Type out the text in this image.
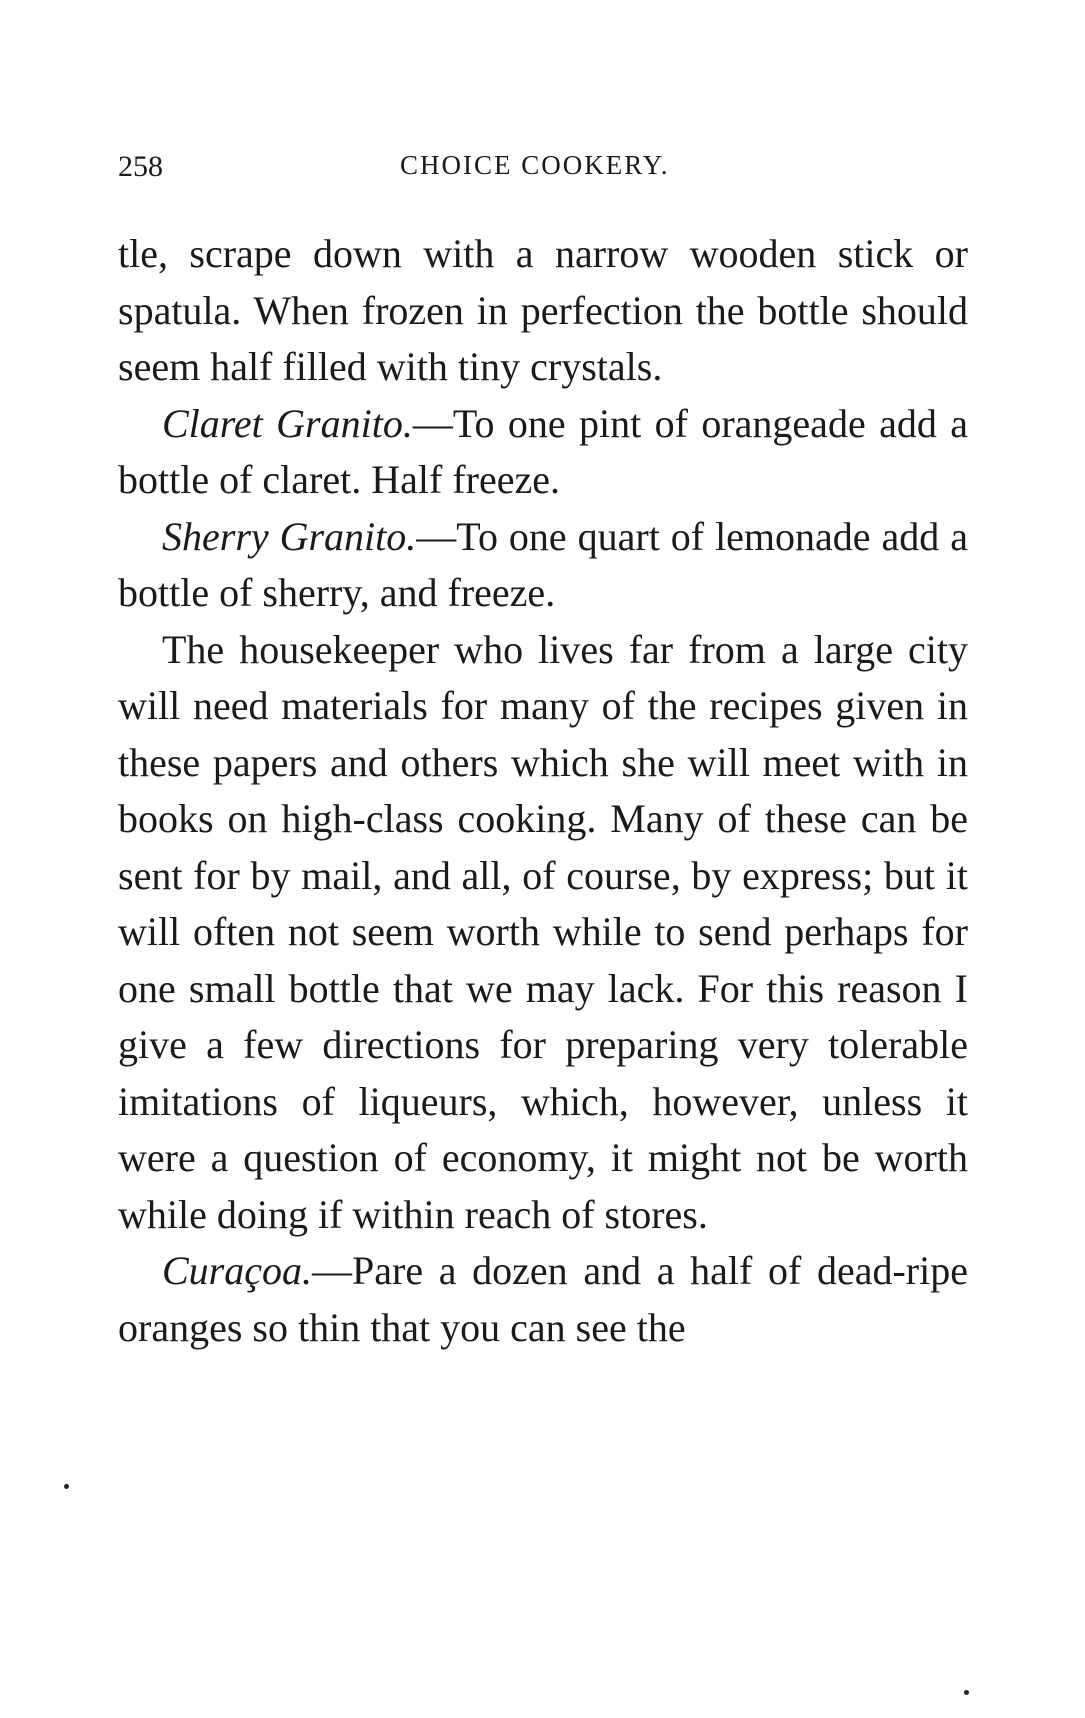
258	CHOICE COOKERY.

tle, scrape down with a narrow wooden stick or spatula. When frozen in perfection the bottle should seem half filled with tiny crystals.

Claret Granito.—To one pint of orangeade add a bottle of claret. Half freeze.

Sherry Granito.—To one quart of lemonade add a bottle of sherry, and freeze.

The housekeeper who lives far from a large city will need materials for many of the recipes given in these papers and others which she will meet with in books on high-class cooking. Many of these can be sent for by mail, and all, of course, by express; but it will often not seem worth while to send perhaps for one small bottle that we may lack. For this reason I give a few directions for preparing very tolerable imitations of liqueurs, which, however, unless it were a question of economy, it might not be worth while doing if within reach of stores.

Curaçoa.—Pare a dozen and a half of dead-ripe oranges so thin that you can see the
